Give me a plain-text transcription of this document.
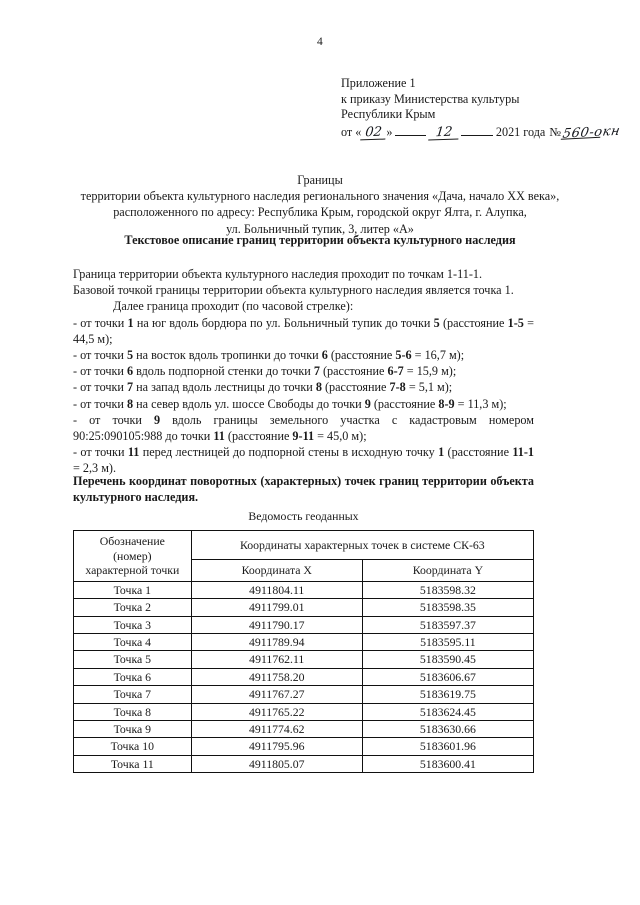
4
Приложение 1
к приказу Министерства культуры
Республики Крым
от « 02 »	12	2021 года № 560-окн
Границы
территории объекта культурного наследия регионального значения «Дача, начало XX века»,
расположенного по адресу: Республика Крым, городской округ Ялта, г. Алупка,
ул. Больничный тупик, 3, литер «А»
Текстовое описание границ территории объекта культурного наследия

Граница территории объекта культурного наследия проходит по точкам 1-11-1.

Базовой точкой границы территории объекта культурного наследия является точка 1.

Далее граница проходит (по часовой стрелке):

- от точки 1 на юг вдоль бордюра по ул. Больничный тупик до точки 5 (расстояние 1-5 = 44,5 м);

- от точки 5 на восток вдоль тропинки до точки 6 (расстояние 5-6 = 16,7 м);

- от точки 6 вдоль подпорной стенки до точки 7 (расстояние 6-7 = 15,9 м);

- от точки 7 на запад вдоль лестницы до точки 8 (расстояние 7-8 = 5,1 м);

- от точки 8 на север вдоль ул. шоссе Свободы до точки 9 (расстояние 8-9 = 11,3 м);

- от точки 9 вдоль границы земельного участка с кадастровым номером 90:25:090105:988 до точки 11 (расстояние 9-11 = 45,0 м);

- от точки 11 перед лестницей до подпорной стены в исходную точку 1 (расстояние 11-1 = 2,3 м).

Перечень координат поворотных (характерных) точек границ территории объекта культурного наследия.
Ведомость геоданных
Обозначение
(номер)
характерной точки	Координаты характерных точек в системе СК-63	
	Координата X	Координата Y
Точка 1	4911804.11	5183598.32
Точка 2	4911799.01	5183598.35
Точка 3	4911790.17	5183597.37
Точка 4	4911789.94	5183595.11
Точка 5	4911762.11	5183590.45
Точка 6	4911758.20	5183606.67
Точка 7	4911767.27	5183619.75
Точка 8	4911765.22	5183624.45
Точка 9	4911774.62	5183630.66
Точка 10	4911795.96	5183601.96
Точка 11	4911805.07	5183600.41
